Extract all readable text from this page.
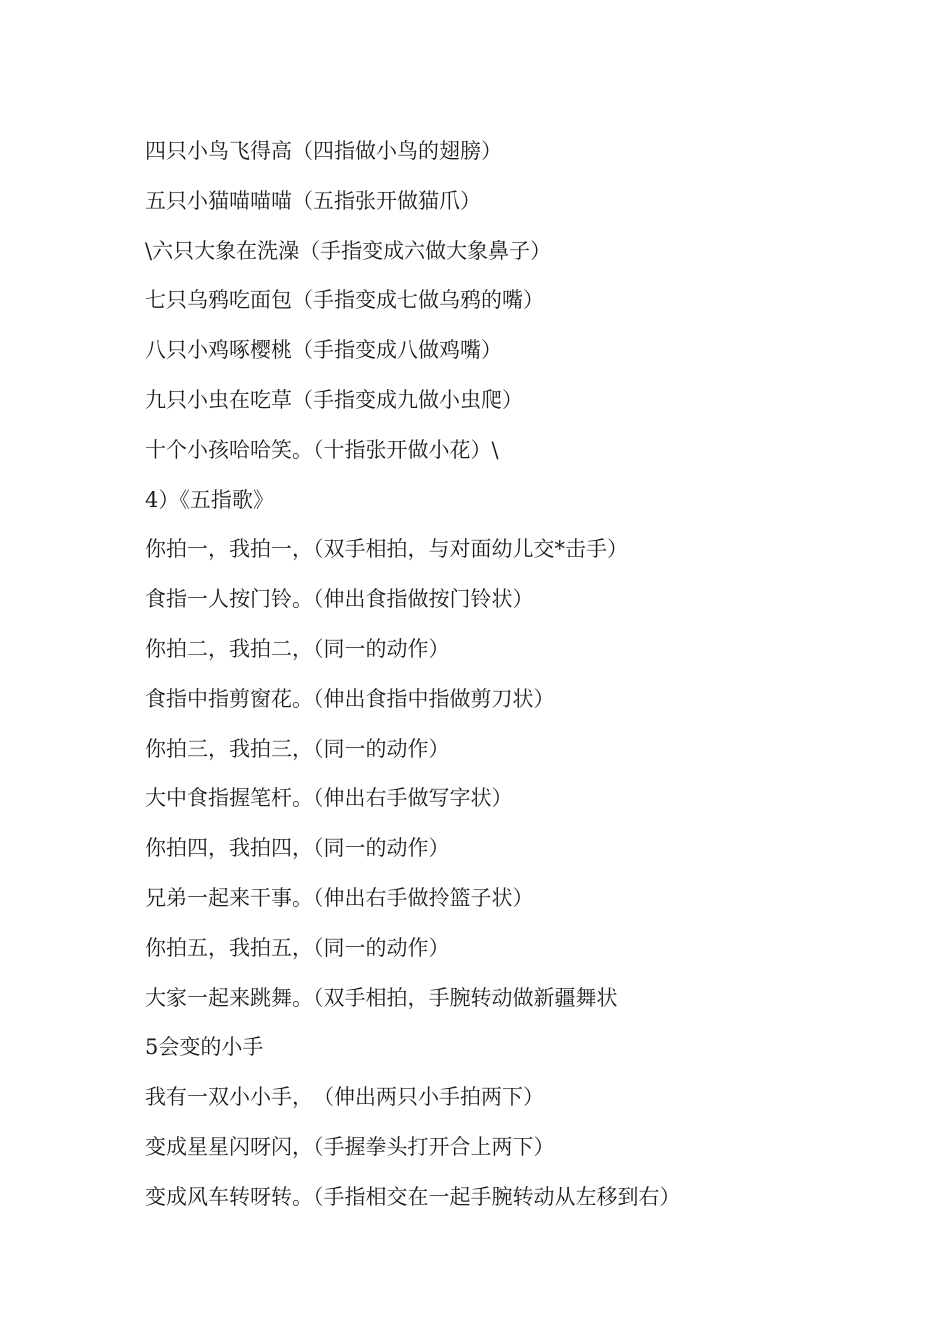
四只小鸟飞得高（四指做小鸟的翅膀）
五只小猫喵喵喵（五指张开做猫爪）
\六只大象在洗澡（手指变成六做大象鼻子）
七只乌鸦吃面包（手指变成七做乌鸦的嘴）
八只小鸡啄樱桃（手指变成八做鸡嘴）
九只小虫在吃草（手指变成九做小虫爬）
十个小孩哈哈笑。（十指张开做小花）\
4）《五指歌》
你拍一，我拍一，（双手相拍，与对面幼儿交*击手）
食指一人按门铃。（伸出食指做按门铃状）
你拍二，我拍二，（同一的动作）
食指中指剪窗花。（伸出食指中指做剪刀状）
你拍三，我拍三，（同一的动作）
大中食指握笔杆。（伸出右手做写字状）
你拍四，我拍四，（同一的动作）
兄弟一起来干事。（伸出右手做拎篮子状）
你拍五，我拍五，（同一的动作）
大家一起来跳舞。（双手相拍，手腕转动做新疆舞状
5会变的小手
我有一双小小手，　（伸出两只小手拍两下）
变成星星闪呀闪，（手握拳头打开合上两下）
变成风车转呀转。（手指相交在一起手腕转动从左移到右）
